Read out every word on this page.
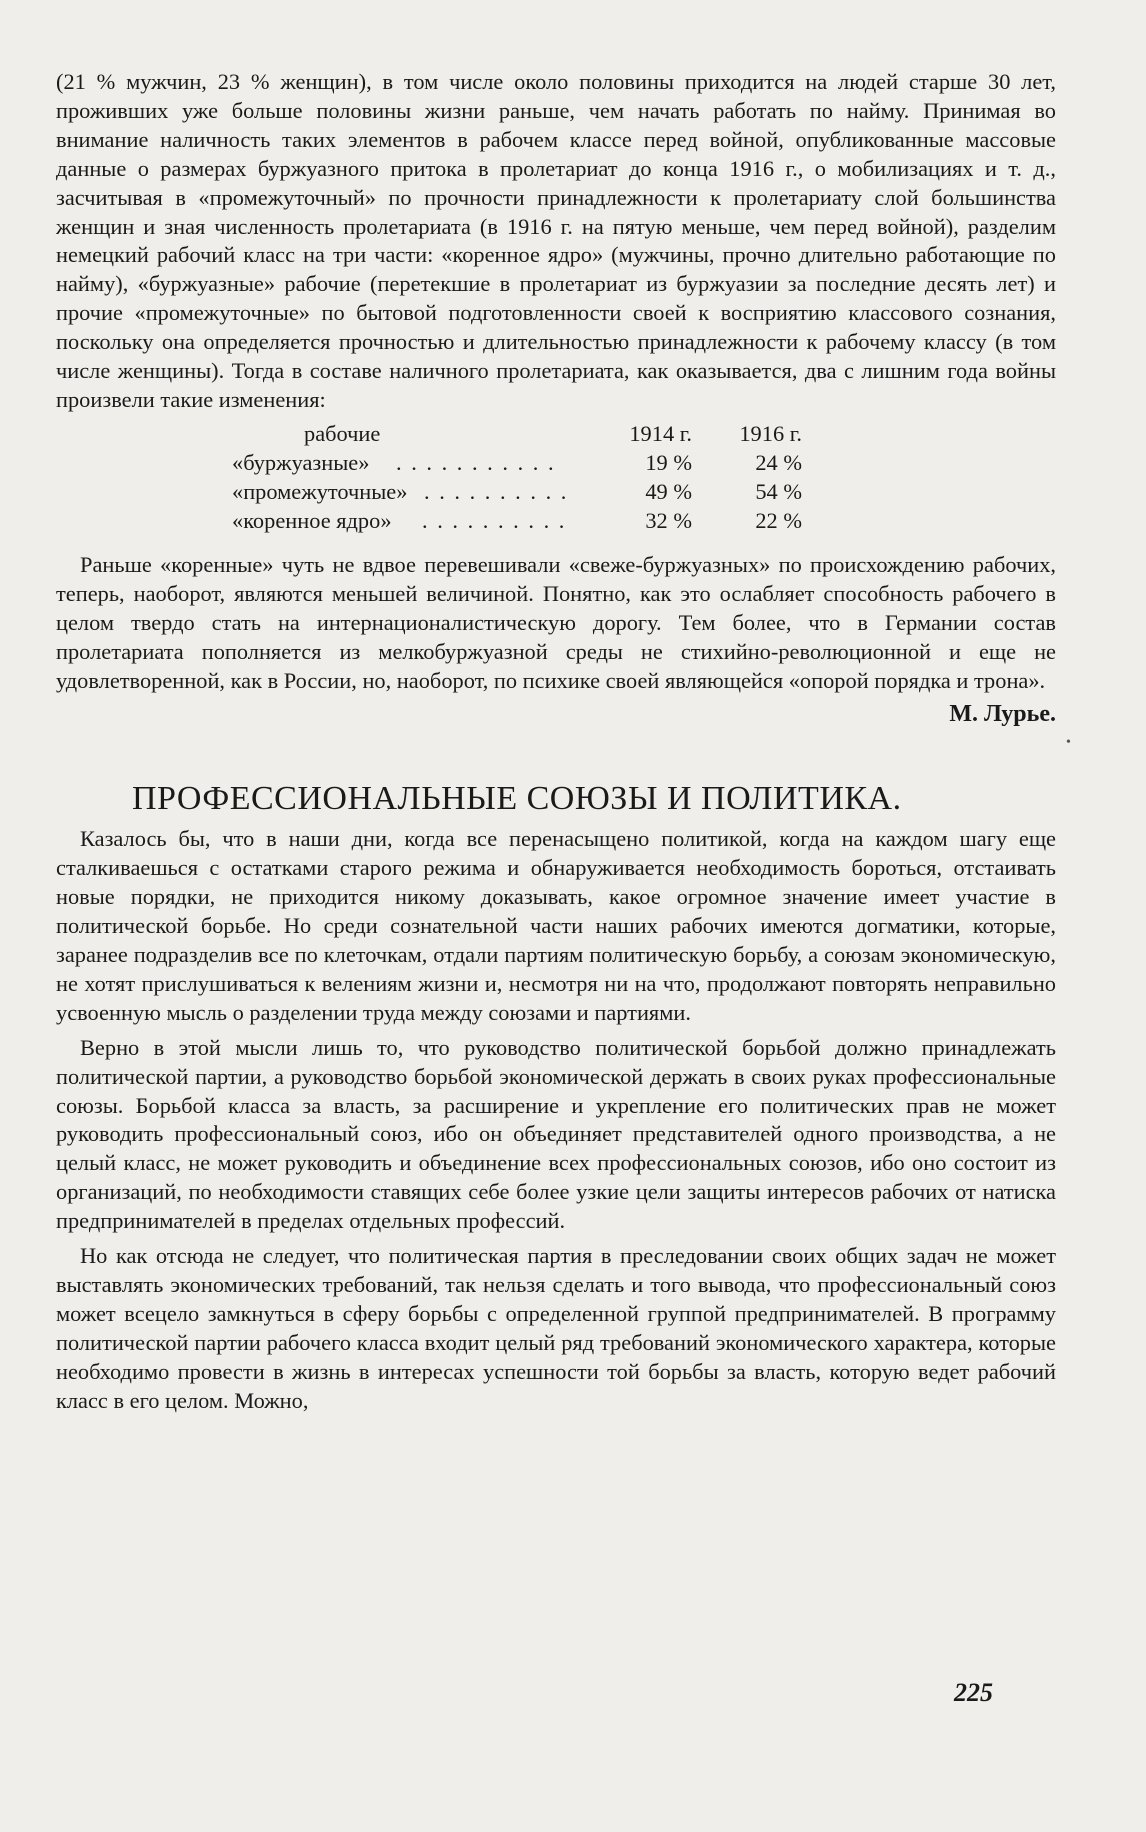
(21 % мужчин, 23 % женщин), в том числе около половины приходится на людей старше 30 лет, проживших уже больше половины жизни раньше, чем начать работать по найму. Принимая во внимание наличность таких элементов в рабочем классе перед войной, опубликованные массовые данные о размерах буржуазного притока в пролетариат до конца 1916 г., о мобилизациях и т. д., засчитывая в «промежуточный» по прочности принадлежности к пролетариату слой большинства женщин и зная численность пролетариата (в 1916 г. на пятую меньше, чем перед войной), разделим немецкий рабочий класс на три части: «коренное ядро» (мужчины, прочно длительно работающие по найму), «буржуазные» рабочие (перетекшие в пролетариат из буржуазии за последние десять лет) и прочие «промежуточные» по бытовой подготовленности своей к восприятию классового сознания, поскольку она определяется прочностью и длительностью принадлежности к рабочему классу (в том числе женщины). Тогда в составе наличного пролетариата, как оказывается, два с лишним года войны произвели такие изменения:

рабочие	1914 г.	1916 г.
«буржуазные» . . . . . . . . . . .	19 %	24 %
«промежуточные» . . . . . . . . . .	49 %	54 %
«коренное ядро» . . . . . . . . . .	32 %	22 %

Раньше «коренные» чуть не вдвое перевешивали «свеже-буржуазных» по происхождению рабочих, теперь, наоборот, являются меньшей величиной. Понятно, как это ослабляет способность рабочего в целом твердо стать на интернационалистическую дорогу. Тем более, что в Германии состав пролетариата пополняется из мелкобуржуазной среды не стихийно-революционной и еще не удовлетворенной, как в России, но, наоборот, по психике своей являющейся «опорой порядка и трона».

М. Лурье.

ПРОФЕССИОНАЛЬНЫЕ СОЮЗЫ И ПОЛИТИКА.

Казалось бы, что в наши дни, когда все перенасыщено политикой, когда на каждом шагу еще сталкиваешься с остатками старого режима и обнаруживается необходимость бороться, отстаивать новые порядки, не приходится никому доказывать, какое огромное значение имеет участие в политической борьбе. Но среди сознательной части наших рабочих имеются догматики, которые, заранее подразделив все по клеточкам, отдали партиям политическую борьбу, а союзам экономическую, не хотят прислушиваться к велениям жизни и, несмотря ни на что, продолжают повторять неправильно усвоенную мысль о разделении труда между союзами и партиями.

Верно в этой мысли лишь то, что руководство политической борьбой должно принадлежать политической партии, а руководство борьбой экономической держать в своих руках профессиональные союзы. Борьбой класса за власть, за расширение и укрепление его политических прав не может руководить профессиональный союз, ибо он объединяет представителей одного производства, а не целый класс, не может руководить и объединение всех профессиональных союзов, ибо оно состоит из организаций, по необходимости ставящих себе более узкие цели защиты интересов рабочих от натиска предпринимателей в пределах отдельных профессий.

Но как отсюда не следует, что политическая партия в преследовании своих общих задач не может выставлять экономических требований, так нельзя сделать и того вывода, что профессиональный союз может всецело замкнуться в сферу борьбы с определенной группой предпринимателей. В программу политической партии рабочего класса входит целый ряд требований экономического характера, которые необходимо провести в жизнь в интересах успешности той борьбы за власть, которую ведет рабочий класс в его целом. Можно,

225
•
